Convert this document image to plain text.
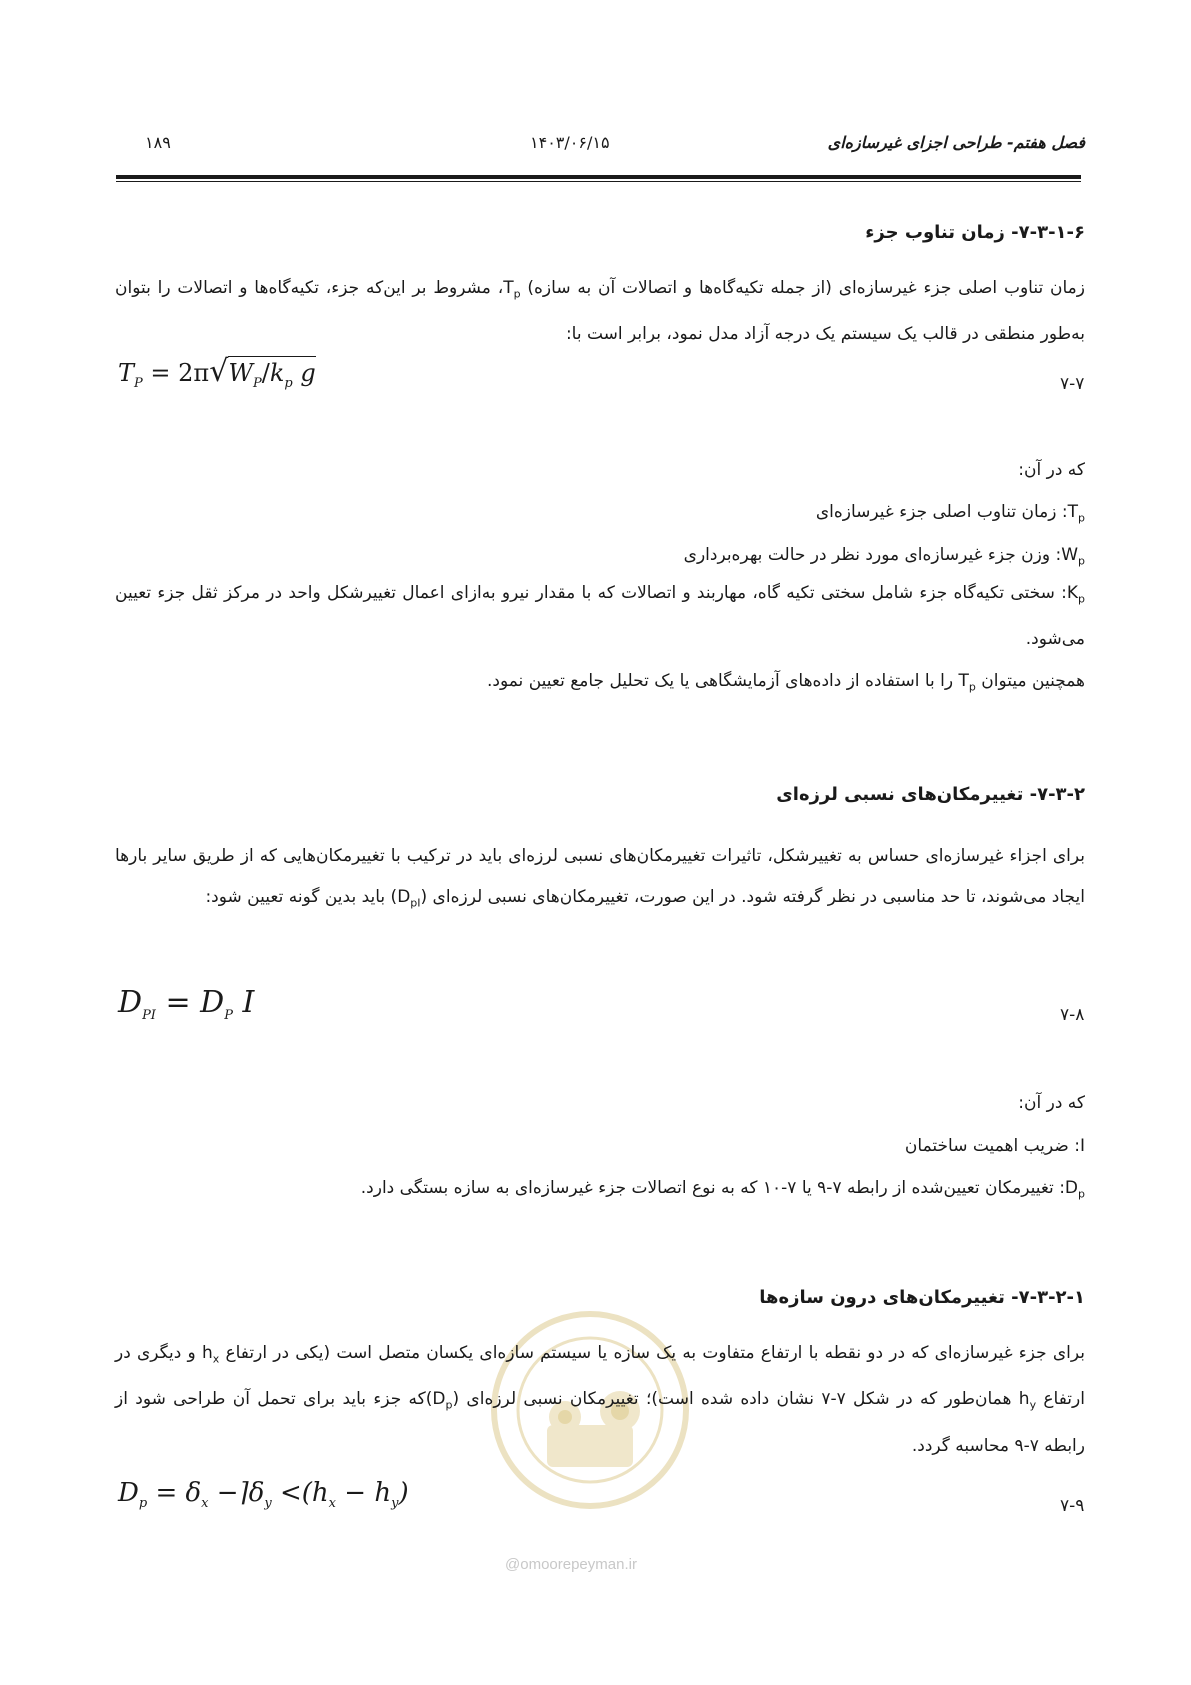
فصل هفتم- طراحی اجزای غیرسازه‌ای
۱۴۰۳/۰۶/۱۵
۱۸۹
۷-۳-۱-۶- زمان تناوب جزء
زمان تناوب اصلی جزء غیرسازه‌ای (از جمله تکیه‌گاه‌ها و اتصالات آن به سازه) $T_p،$ مشروط بر این‌که جزء، تکیه‌گاه‌ها و اتصالات را بتوان به‌طور منطقی در قالب یک سیستم یک درجه آزاد مدل نمود، برابر است با:
$T_P = 2\pi√W_P/k_p$ g	۷-۷
که در آن:
$T_p$: زمان تناوب اصلی جزء غیرسازه‌ای
$W_p$: وزن جزء غیرسازه‌ای مورد نظر در حالت بهره‌برداری
$K_p$: سختی تکیه‌گاه جزء شامل سختی تکیه گاه، مهاربند و اتصالات که با مقدار نیرو به‌ازای اعمال تغییرشکل واحد در مرکز ثقل جزء تعیین می‌شود.
همچنین میتوان $T_p$ را با استفاده از داده‌های آزمایشگاهی یا یک تحلیل جامع تعیین نمود.
۷-۳-۲- تغییرمکان‌های نسبی لرزه‌ای
برای اجزاء غیرسازه‌ای حساس به تغییرشکل، تاثیرات تغییرمکان‌های نسبی لرزه‌ای باید در ترکیب با تغییرمکان‌هایی که از طریق سایر بارها ایجاد می‌شوند، تا حد مناسبی در نظر گرفته شود. در این صورت، تغییرمکان‌های نسبی لرزه‌ای $(D_{pI})$ باید بدین گونه تعیین شود:
$D_{PI} = D_P$ I	۷-۸
که در آن:
I: ضریب اهمیت ساختمان
$D_p$: تغییرمکان تعیین‌شده از رابطه ۷-۹ یا ۷-۱۰ که به نوع اتصالات جزء غیرسازه‌ای به سازه بستگی دارد.
@omoorepeyman.ir
۷-۳-۲-۱- تغییرمکان‌های درون سازه‌ها
برای جزء غیرسازه‌ای که در دو نقطه با ارتفاع متفاوت به یک سازه یا سیستم سازه‌ای یکسان متصل است (یکی در ارتفاع $h_x$ و دیگری در ارتفاع $h_y$ همان‌طور که در شکل ۷-۷ نشان داده شده است)؛ تغییرمکان نسبی لرزه‌ای $(D_p)که$ جزء باید برای تحمل آن طراحی شود از رابطه ۷-۹ محاسبه گردد.
$D_p = \delta_x$ $-⌉\delta_y <(h_x - h_y)$	۷-۹
